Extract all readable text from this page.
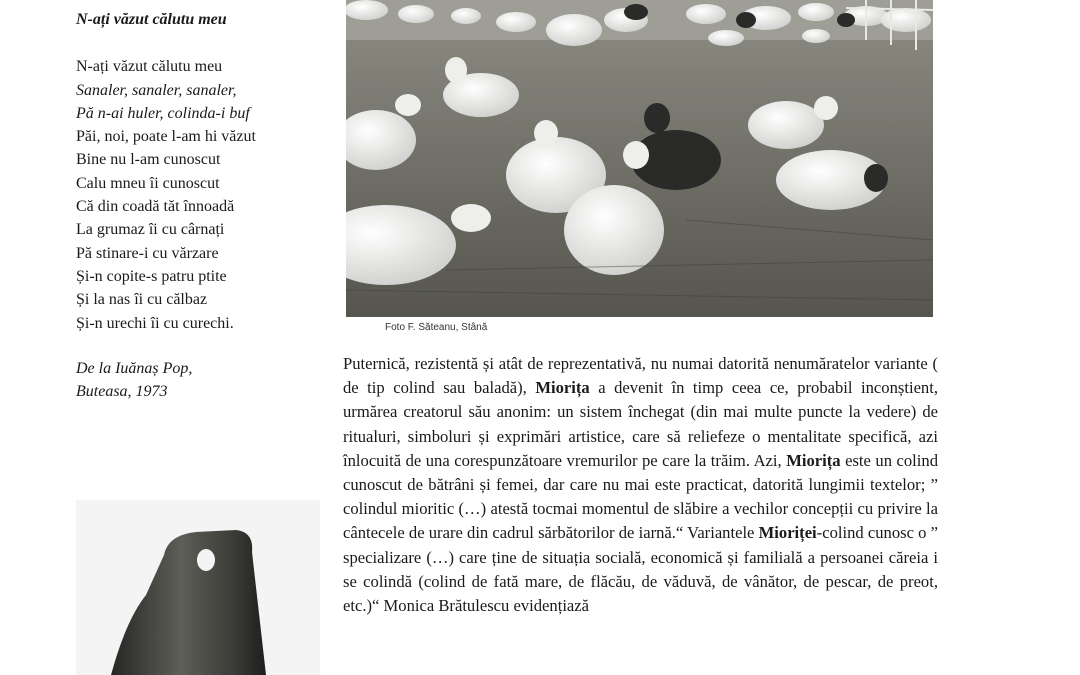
N-ați văzut călutu meu

N-ați văzut călutu meu
Sanaler, sanaler, sanaler,
Pă n-ai huler, colinda-i buf
Păi, noi, poate l-am hi văzut
Bine nu l-am cunoscut
Calu mneu îi cunoscut
Că din coadă tăt înnoadă
La grumaz îi cu cârnați
Pă stinare-i cu vărzare
Și-n copite-s patru ptite
Și la nas îi cu călbaz
Și-n urechi îi cu curechi.
De la Iuănaș Pop,
Buteasa, 1973
Foto F. Săteanu, Stână

Puternică, rezistentă și atât de reprezentativă, nu numai datorită nenumăratelor variante ( de tip colind sau baladă), Miorița a devenit în timp ceea ce, probabil inconștient, urmărea creatorul său anonim: un sistem închegat (din mai multe puncte la vedere) de ritualuri, simboluri și exprimări artistice, care să reliefeze o mentalitate specifică, azi înlocuită de una corespunzătoare vremurilor pe care la trăim. Azi, Miorița este un colind cunoscut de bătrâni și femei, dar care nu mai este practicat, datorită lungimii textelor; ” colindul mioritic (…) atestă tocmai momentul de slăbire a vechilor concepții cu privire la cântecele de urare din cadrul sărbătorilor de iarnă.“ Variantele Mioriței-colind cunosc o ” specializare (…) care ține de situația socială, economică și familială a persoanei căreia i se colindă (colind de fată mare, de flăcău, de văduvă, de vânător, de pescar, de preot, etc.)“ Monica Brătulescu evidențiază
